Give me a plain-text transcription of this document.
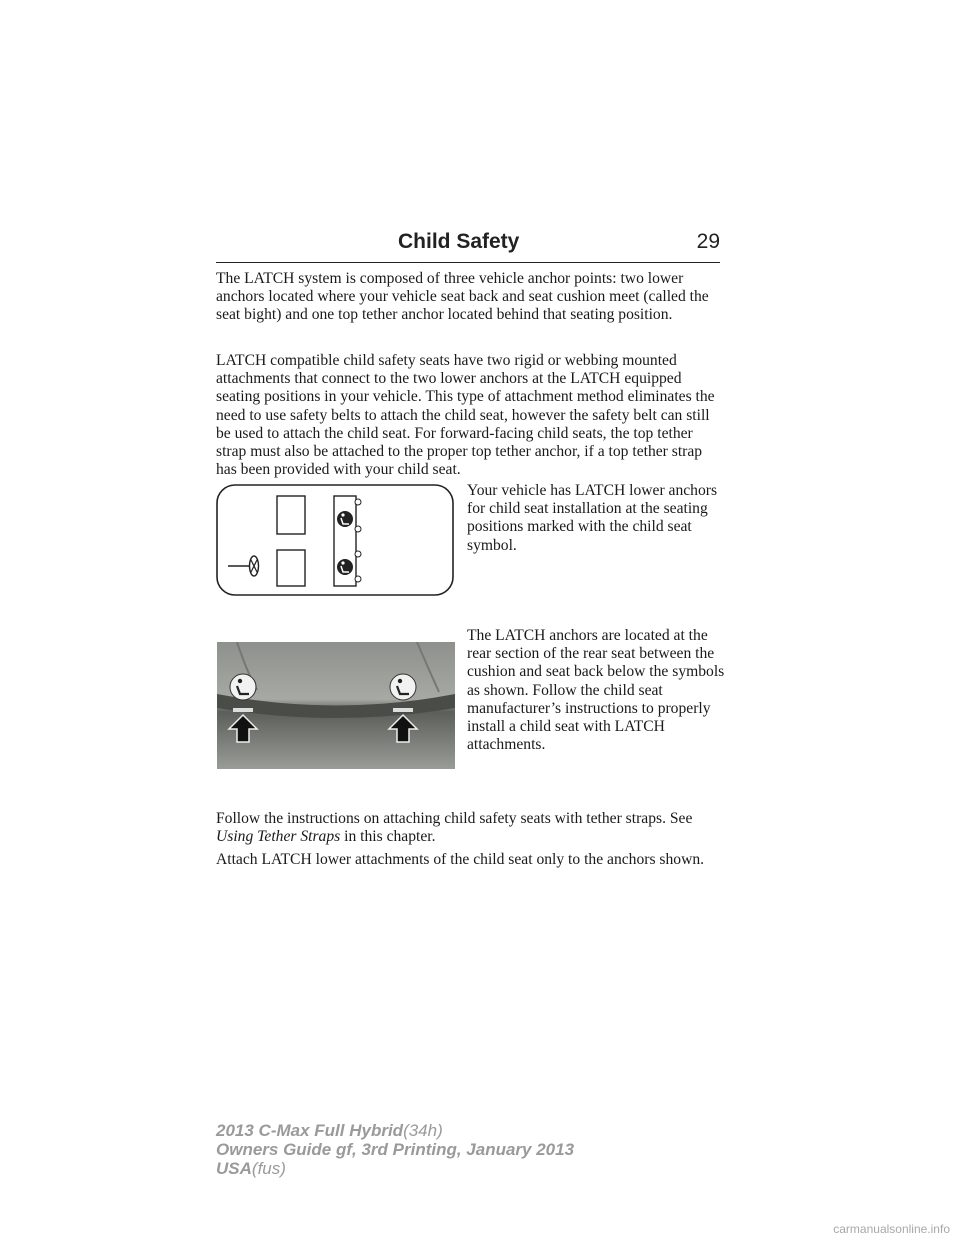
Child Safety	29

The LATCH system is composed of three vehicle anchor points: two lower anchors located where your vehicle seat back and seat cushion meet (called the seat bight) and one top tether anchor located behind that seating position.

LATCH compatible child safety seats have two rigid or webbing mounted attachments that connect to the two lower anchors at the LATCH equipped seating positions in your vehicle. This type of attachment method eliminates the need to use safety belts to attach the child seat, however the safety belt can still be used to attach the child seat. For forward-facing child seats, the top tether strap must also be attached to the proper top tether anchor, if a top tether strap has been provided with your child seat.

Your vehicle has LATCH lower anchors for child seat installation at the seating positions marked with the child seat symbol.

The LATCH anchors are located at the rear section of the rear seat between the cushion and seat back below the symbols as shown. Follow the child seat manufacturer’s instructions to properly install a child seat with LATCH attachments.

Follow the instructions on attaching child safety seats with tether straps. See Using Tether Straps in this chapter.

Attach LATCH lower attachments of the child seat only to the anchors shown.

2013 C-Max Full Hybrid(34h)
Owners Guide gf, 3rd Printing, January 2013
USA(fus)
carmanualsonline.info
